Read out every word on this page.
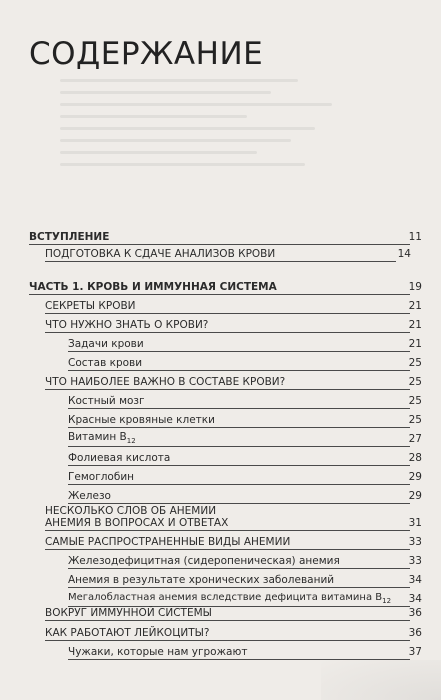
СОДЕРЖАНИЕ
ВСТУПЛЕНИЕ	11
ПОДГОТОВКА К СДАЧЕ АНАЛИЗОВ КРОВИ	14
ЧАСТЬ 1. КРОВЬ И ИММУННАЯ СИСТЕМА	19
СЕКРЕТЫ КРОВИ	21
ЧТО НУЖНО ЗНАТЬ О КРОВИ?	21
Задачи крови	21
Состав крови	25
ЧТО НАИБОЛЕЕ ВАЖНО В СОСТАВЕ КРОВИ?	25
Костный мозг	25
Красные кровяные клетки	25
Витамин $В_{12}$	27
Фолиевая кислота	28
Гемоглобин	29
Железо	29
НЕСКОЛЬКО СЛОВ ОБ АНЕМИИ
АНЕМИЯ В ВОПРОСАХ И ОТВЕТАХ	31
САМЫЕ РАСПРОСТРАНЕННЫЕ ВИДЫ АНЕМИИ	33
Железодефицитная (сидеропеническая) анемия	33
Анемия в результате хронических заболеваний	34
Мегалобластная анемия вследствие дефицита витамина $В_{12}$	34
ВОКРУГ ИММУННОЙ СИСТЕМЫ	36
КАК РАБОТАЮТ ЛЕЙКОЦИТЫ?	36
Чужаки, которые нам угрожают	37
